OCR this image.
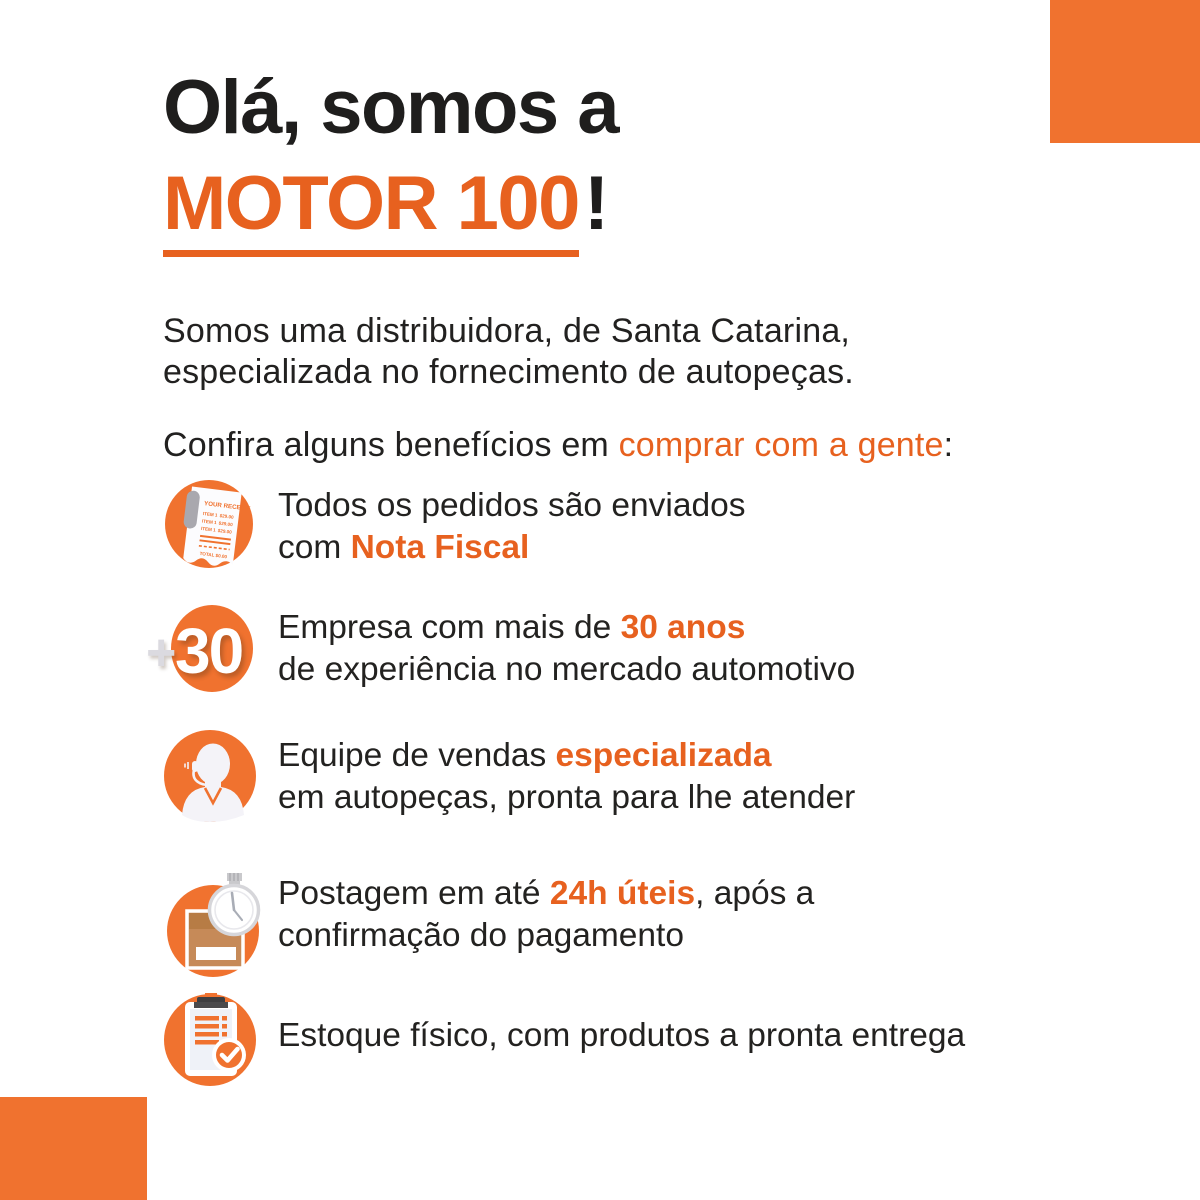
Olá, somos a
MOTOR 100!

Somos uma distribuidora, de Santa Catarina,
especializada no fornecimento de autopeças.

Confira alguns benefícios em comprar com a gente:

YOUR RECEIPT
ITEM 1 $29.00
ITEM 1 $29.00
ITEM 1 $29.00
TOTAL $0.00
Todos os pedidos são enviados
com Nota Fiscal
+
30 Empresa com mais de 30 anos
de experiência no mercado automotivo
Equipe de vendas especializada
em autopeças, pronta para lhe atender
Postagem em até 24h úteis, após a
confirmação do pagamento
Estoque físico, com produtos a pronta entrega
